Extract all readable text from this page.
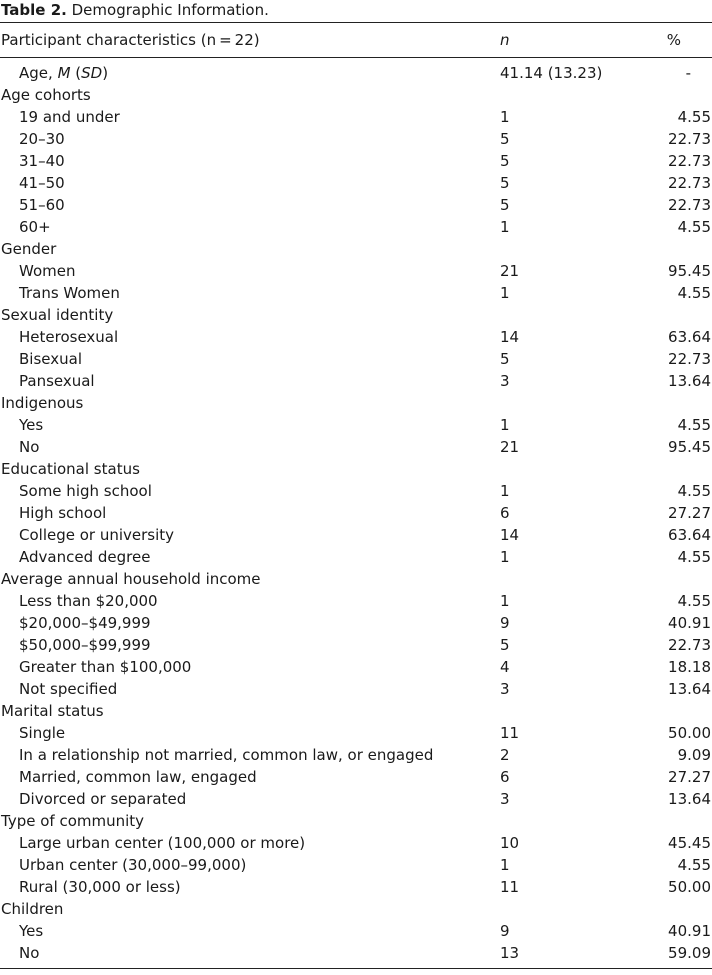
Table 2. Demographic Information.
Participant characteristics (n = 22)	n	%
Age, M (SD)	41.14 (13.23)	-
Age cohorts
19 and under	1	4.55
20–30	5	22.73
31–40	5	22.73
41–50	5	22.73
51–60	5	22.73
60+	1	4.55
Gender
Women	21	95.45
Trans Women	1	4.55
Sexual identity
Heterosexual	14	63.64
Bisexual	5	22.73
Pansexual	3	13.64
Indigenous
Yes	1	4.55
No	21	95.45
Educational status
Some high school	1	4.55
High school	6	27.27
College or university	14	63.64
Advanced degree	1	4.55
Average annual household income
Less than $20,000	1	4.55
$20,000–$49,999	9	40.91
$50,000–$99,999	5	22.73
Greater than $100,000	4	18.18
Not specified	3	13.64
Marital status
Single	11	50.00
In a relationship not married, common law, or engaged	2	9.09
Married, common law, engaged	6	27.27
Divorced or separated	3	13.64
Type of community
Large urban center (100,000 or more)	10	45.45
Urban center (30,000–99,000)	1	4.55
Rural (30,000 or less)	11	50.00
Children
Yes	9	40.91
No	13	59.09
